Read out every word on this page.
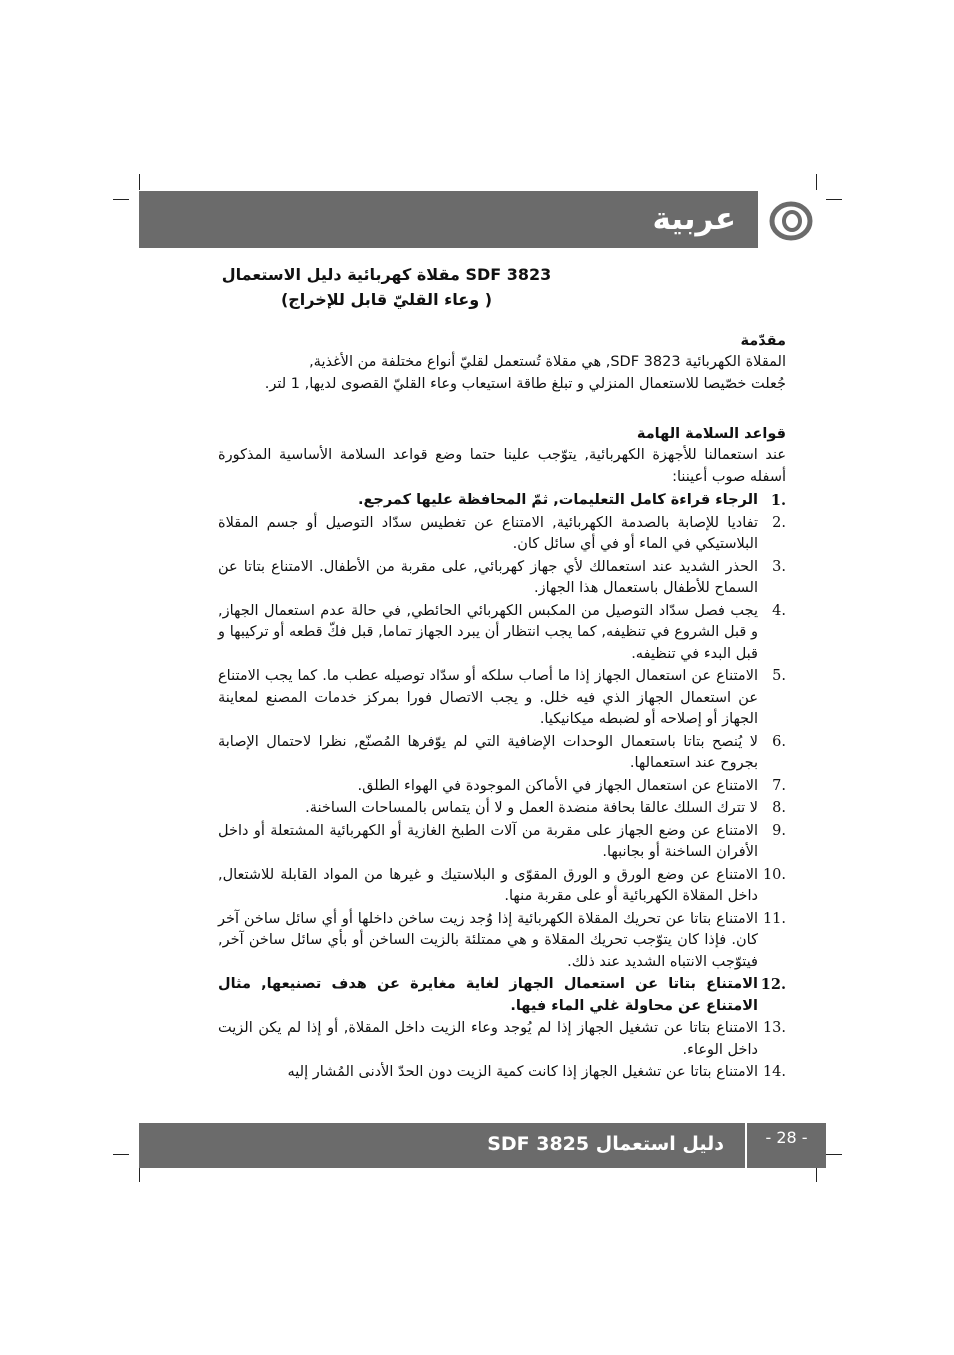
عربية
SDF 3823 مقلاة كهربائية دليل الاستعمال
( وعاء القليّ قابل للإخراج)
مقدّمة

المقلاة الكهربائية SDF 3823, هي مقلاة تُستعمل لقليّ أنواع مختلفة من الأغذية,

جُعلت خصّيصا للاستعمال المنزلي و تبلغ طاقة استيعاب وعاء القليّ القصوى لديها, 1 لتر.

قواعد السلامة الهامة

عند استعمالنا للأجهزة الكهربائية, يتوّجب علينا حتما وضع قواعد السلامة الأساسية المذكورة أسفله صوب أعيننا:

.1
الرجاء قراءة كامل التعليمات, ثمّ المحافظة عليها كمرجع.
.2
تفاديا للإصابة بالصدمة الكهربائية, الامتناع عن تغطيس سدّاد التوصيل أو جسم المقلاة البلاستيكي في الماء أو في أي سائل كان.
.3
الحذر الشديد عند استعمالك لأي جهاز كهربائي, على مقربة من الأطفال. الامتناع بتاتا عن السماح للأطفال باستعمال هذا الجهاز.
.4
يجب فصل سدّاد التوصيل من المكبس الكهربائي الحائطي, في حالة عدم استعمال الجهاز, و قبل الشروع في تنظيفه, كما يجب انتظار أن يبرد الجهاز تماما, قبل فكّ قطعه أو تركيبها و قبل البدء في تنظيفه.
.5
الامتناع عن استعمال الجهاز إذا ما أصاب سلكه أو سدّاد توصيله عطب ما. كما يجب الامتناع عن استعمال الجهاز الذي فيه خلل. و يجب الاتصال فورا بمركز خدمات المصنع لمعاينة الجهاز أو إصلاحه أو لضبطه ميكانيكيا.
.6
لا يُنصح بتاتا باستعمال الوحدات الإضافية التي لم يوّفرها المُصنّع, نظرا لاحتمال الإصابة بجروح عند استعمالها.
.7
الامتناع عن استعمال الجهاز في الأماكن الموجودة في الهواء الطلق.
.8
لا تترك السلك عالقا بحافة منضدة العمل و لا أن يتماس بالمساحات الساخنة.
.9
الامتناع عن وضع الجهاز على مقربة من آلات الطبخ الغازية أو الكهربائية المشتعلة أو داخل الأفران الساخنة أو بجانبها.
.10
الامتناع عن وضع الورق و الورق المقوّى و البلاستيك و غيرها من المواد القابلة للاشتعال, داخل المقلاة الكهربائية أو على مقربة منها.
.11
الامتناع بتاتا عن تحريك المقلاة الكهربائية إذا وُجد زيت ساخن داخلها أو أي سائل ساخن آخر كان. فإذا كان يتوّجب تحريك المقلاة و هي ممتلئة بالزيت الساخن أو بأي سائل ساخن آخر, فيتوّجب الانتباه الشديد عند ذلك.
.12
الامتناع بتاتا عن استعمال الجهاز لغاية مغايرة عن هدف تصنيعها, مثال الامتناع عن محاولة غلي الماء فيها.
.13
الامتناع بتاتا عن تشغيل الجهاز إذا لم يُوجد وعاء الزيت داخل المقلاة, أو إذا لم يكن الزيت داخل الوعاء.
.14
الامتناع بتاتا عن تشغيل الجهاز إذا كانت كمية الزيت دون الحدّ الأدنى المُشار إليه
دليل استعمال SDF 3825	- 28 -
